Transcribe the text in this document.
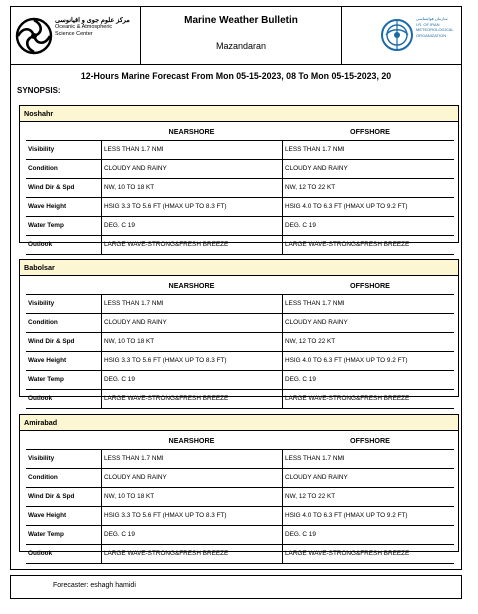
مرکز علوم جوی و اقیانوسی
Oceanic & Atmospheric
Science Center
Marine Weather Bulletin
Mazandaran
سازمان هواشناسی
I.R. OF IRAN
METEOROLOGICAL
ORGANIZATION
12-Hours Marine Forecast From Mon 05-15-2023, 08 To Mon 05-15-2023, 20
SYNOPSIS:
Noshahr
NEARSHORE	OFFSHORE
Visibility	LESS THAN 1.7 NMI	LESS THAN 1.7 NMI
Condition	CLOUDY AND RAINY	CLOUDY AND RAINY
Wind Dir & Spd	NW, 10 TO 18 KT	NW, 12 TO 22 KT
Wave Height	HSIG 3.3 TO 5.6 FT (HMAX UP TO 8.3 FT)	HSIG 4.0 TO 6.3 FT (HMAX UP TO 9.2 FT)
Water Temp	DEG. C 19	DEG. C 19
Outlook	LARGE WAVE-STRONG&FRESH BREEZE	LARGE WAVE-STRONG&FRESH BREEZE
Babolsar
NEARSHORE	OFFSHORE
Visibility	LESS THAN 1.7 NMI	LESS THAN 1.7 NMI
Condition	CLOUDY AND RAINY	CLOUDY AND RAINY
Wind Dir & Spd	NW, 10 TO 18 KT	NW, 12 TO 22 KT
Wave Height	HSIG 3.3 TO 5.6 FT (HMAX UP TO 8.3 FT)	HSIG 4.0 TO 6.3 FT (HMAX UP TO 9.2 FT)
Water Temp	DEG. C 19	DEG. C 19
Outlook	LARGE WAVE-STRONG&FRESH BREEZE	LARGE WAVE-STRONG&FRESH BREEZE
Amirabad
NEARSHORE	OFFSHORE
Visibility	LESS THAN 1.7 NMI	LESS THAN 1.7 NMI
Condition	CLOUDY AND RAINY	CLOUDY AND RAINY
Wind Dir & Spd	NW, 10 TO 18 KT	NW, 12 TO 22 KT
Wave Height	HSIG 3.3 TO 5.6 FT (HMAX UP TO 8.3 FT)	HSIG 4.0 TO 6.3 FT (HMAX UP TO 9.2 FT)
Water Temp	DEG. C 19	DEG. C 19
Outlook	LARGE WAVE-STRONG&FRESH BREEZE	LARGE WAVE-STRONG&FRESH BREEZE
Forecaster: eshagh hamidi
